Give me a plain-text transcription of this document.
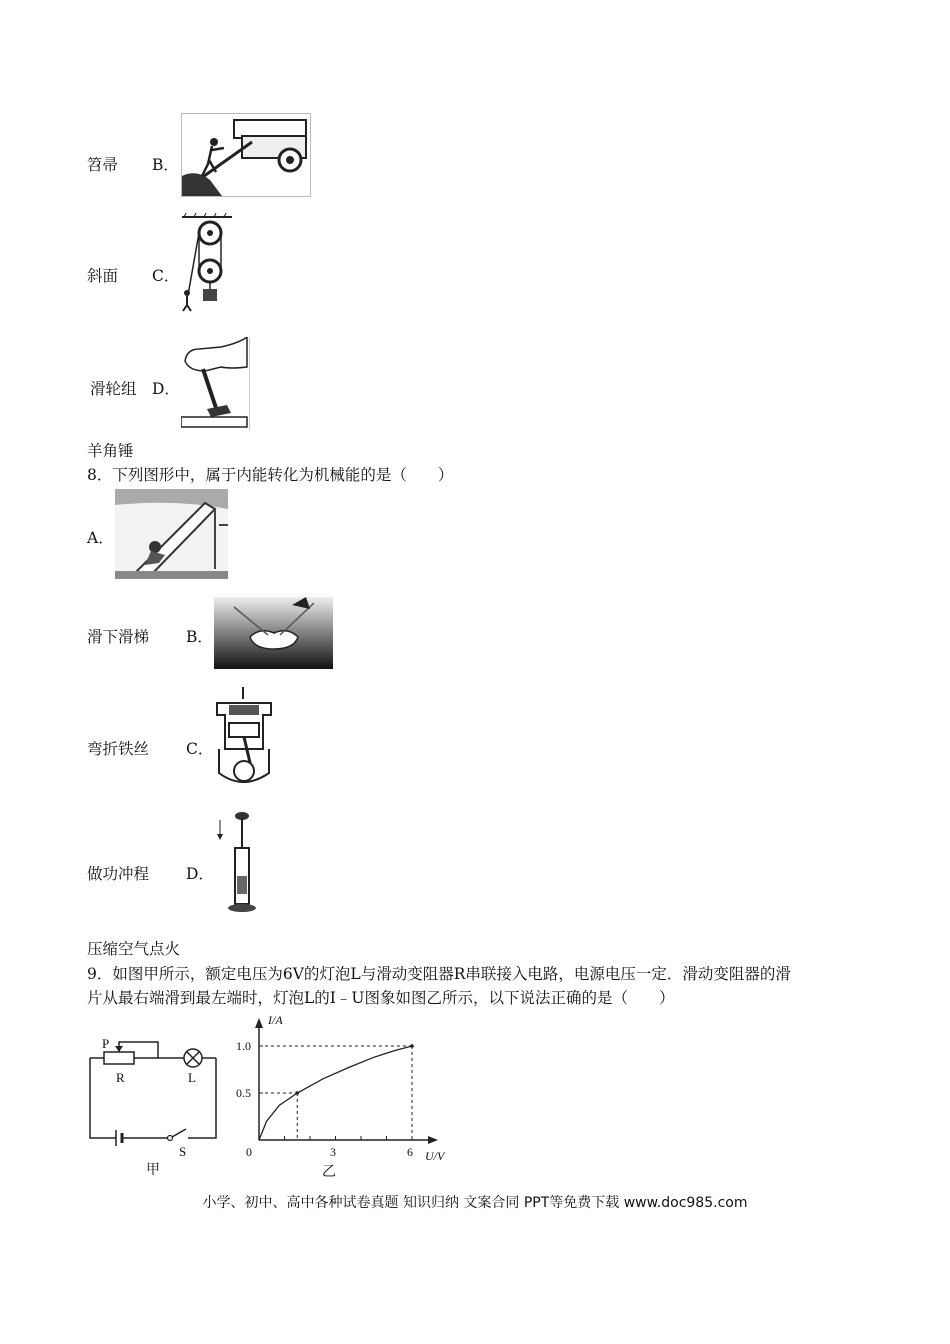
笤帚 B．
斜面 C．
滑轮组 D．
羊角锤
8．下列图形中，属于内能转化为机械能的是（　　）
A．
滑下滑梯 B．
弯折铁丝 C．
做功冲程 D．
压缩空气点火
9．如图甲所示，额定电压为6V的灯泡L与滑动变阻器R串联接入电路，电源电压一定．滑动变阻器的滑
片从最右端滑到最左端时，灯泡L的I﹣U图象如图乙所示，以下说法正确的是（　　）
P
R	L
S
甲
I/A
U/V
0
1.0
0.5
3	6
乙
小学、初中、高中各种试卷真题 知识归纳 文案合同 PPT等免费下载 www.doc985.com
